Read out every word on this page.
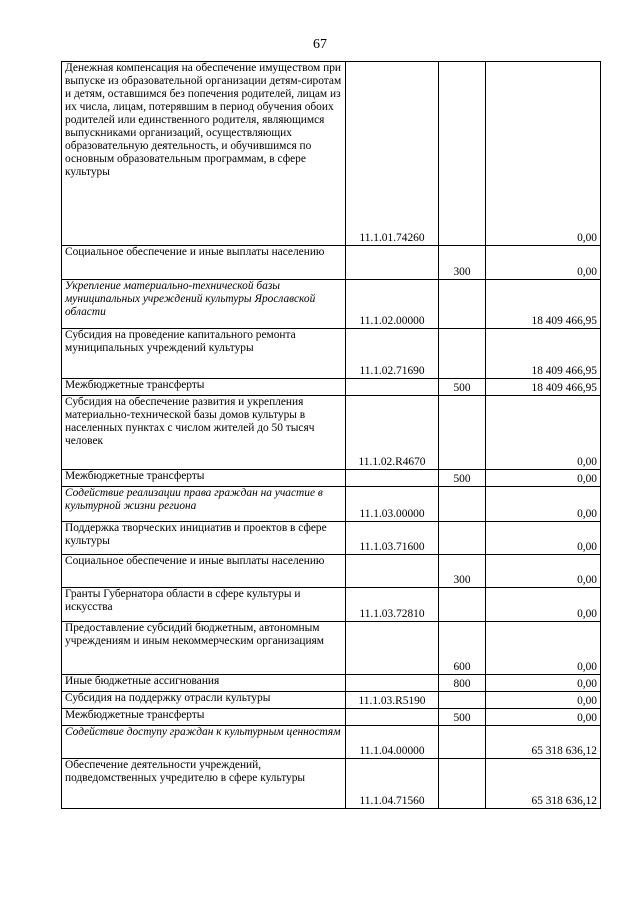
67
Денежная компенсация на обеспечение имуществом при выпуске из образовательной организации детям-сиротам и детям, оставшимся без попечения родителей, лицам из их числа, лицам, потерявшим в период обучения обоих родителей или единственного родителя, являющимся выпускниками организаций, осуществляющих образовательную деятельность, и обучившимся по основным образовательным программам, в сфере культуры	11.1.01.74260		0,00
Социальное обеспечение и иные выплаты населению		300	0,00
Укрепление материально-технической базы муниципальных учреждений культуры Ярославской области	11.1.02.00000		18 409 466,95
Субсидия на проведение капитального ремонта муниципальных учреждений культуры	11.1.02.71690		18 409 466,95
Межбюджетные трансферты		500	18 409 466,95
Субсидия на обеспечение развития и укрепления материально-технической базы домов культуры в населенных пунктах с числом жителей до 50 тысяч человек	11.1.02.R4670		0,00
Межбюджетные трансферты		500	0,00
Содействие реализации права граждан на участие в культурной жизни региона	11.1.03.00000		0,00
Поддержка творческих инициатив и проектов в сфере культуры	11.1.03.71600		0,00
Социальное обеспечение и иные выплаты населению		300	0,00
Гранты Губернатора области в сфере культуры и искусства	11.1.03.72810		0,00
Предоставление субсидий бюджетным, автономным учреждениям и иным некоммерческим организациям		600	0,00
Иные бюджетные ассигнования		800	0,00
Субсидия на поддержку отрасли культуры	11.1.03.R5190		0,00
Межбюджетные трансферты		500	0,00
Содействие доступу граждан к культурным ценностям	11.1.04.00000		65 318 636,12
Обеспечение деятельности учреждений, подведомственных учредителю в сфере культуры	11.1.04.71560		65 318 636,12
